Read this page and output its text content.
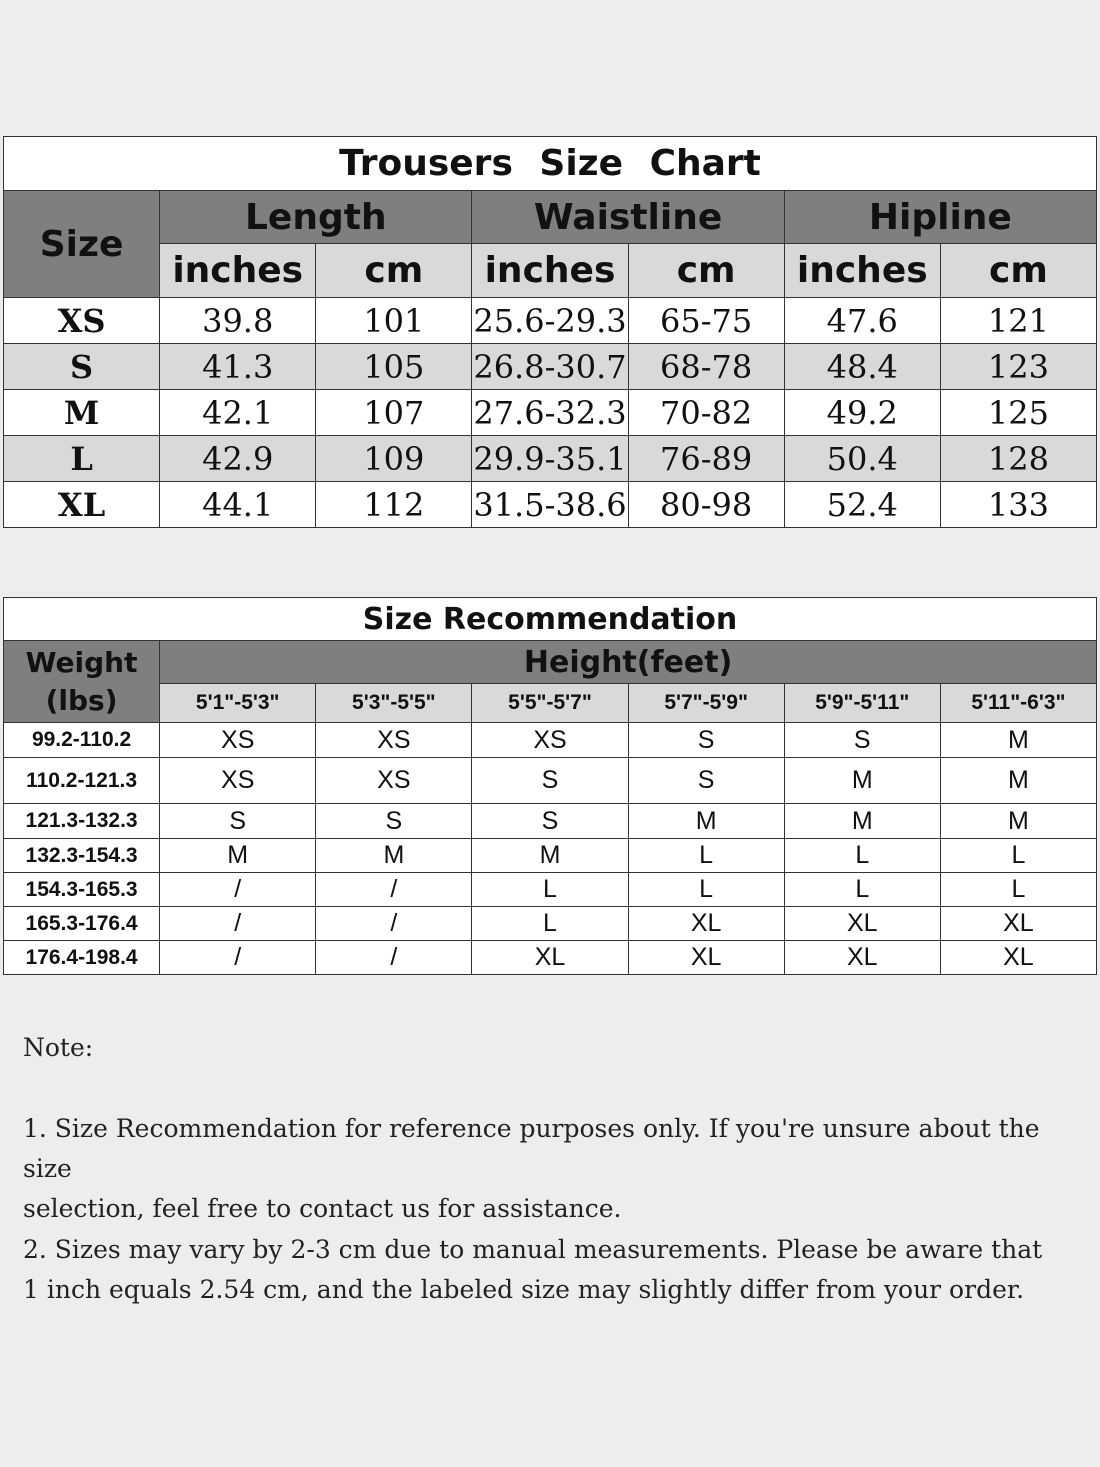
Trousers Size Chart						
Size	Length		Waistline		Hipline	
	inches	cm	inches	cm	inches	cm
XS	39.8	101	25.6-29.3	65-75	47.6	121
S	41.3	105	26.8-30.7	68-78	48.4	123
M	42.1	107	27.6-32.3	70-82	49.2	125
L	42.9	109	29.9-35.1	76-89	50.4	128
XL	44.1	112	31.5-38.6	80-98	52.4	133
Size Recommendation						
Weight
(lbs)	Height(feet)					
	5'1"-5'3"	5'3"-5'5"	5'5"-5'7"	5'7"-5'9"	5'9"-5'11"	5'11"-6'3"
99.2-110.2	XS	XS	XS	S	S	M
110.2-121.3	XS	XS	S	S	M	M
121.3-132.3	S	S	S	M	M	M
132.3-154.3	M	M	M	L	L	L
154.3-165.3	/	/	L	L	L	L
165.3-176.4	/	/	L	XL	XL	XL
176.4-198.4	/	/	XL	XL	XL	XL

Note:

1. Size Recommendation for reference purposes only. If you're unsure about the size

selection, feel free to contact us for assistance.

2. Sizes may vary by 2-3 cm due to manual measurements. Please be aware that

1 inch equals 2.54 cm, and the labeled size may slightly differ from your order.
